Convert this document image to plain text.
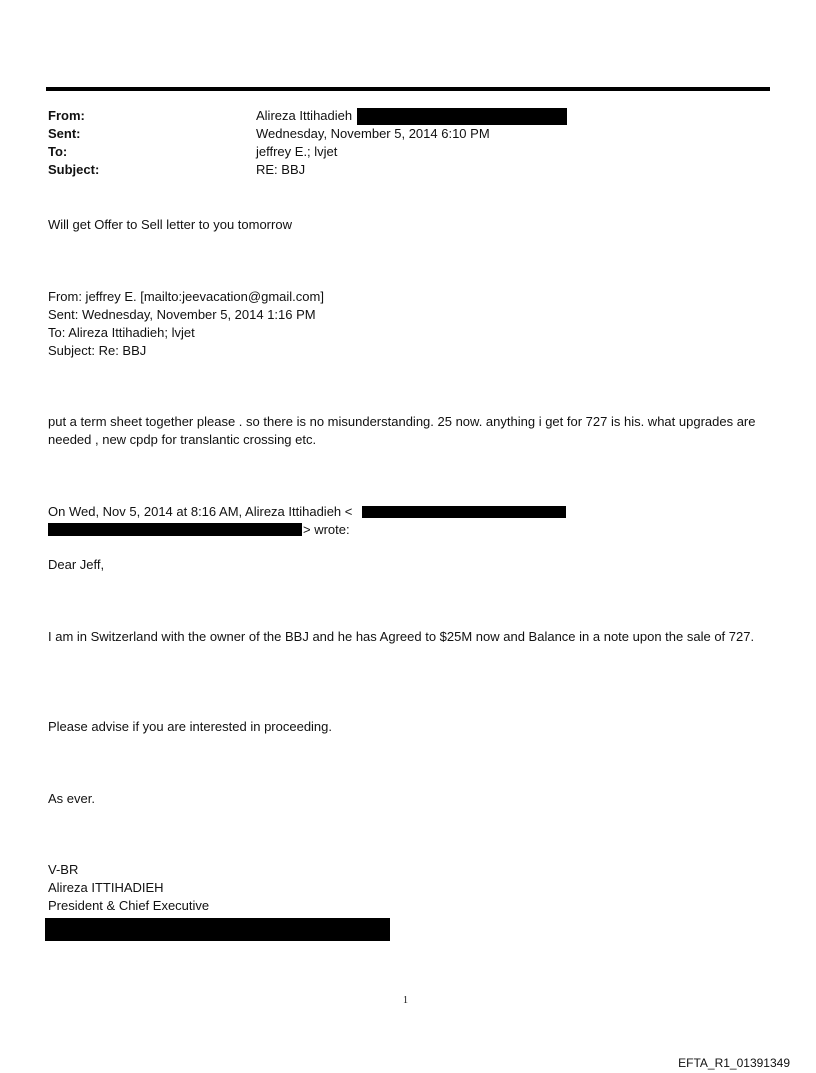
From:	Alireza Ittihadieh
Sent:	Wednesday, November 5, 2014 6:10 PM
To:	jeffrey E.; lvjet
Subject:	RE: BBJ
Will get Offer to Sell letter to you tomorrow
From: jeffrey E. [mailto:jeevacation@gmail.com]
Sent: Wednesday, November 5, 2014 1:16 PM
To: Alireza Ittihadieh; lvjet
Subject: Re: BBJ
put a term sheet together please . so there is no misunderstanding. 25 now. anything i get for 727 is his. what upgrades are needed , new cpdp for translantic crossing etc.
On Wed, Nov 5, 2014 at 8:16 AM, Alireza Ittihadieh <
> wrote:
Dear Jeff,
I am in Switzerland with the owner of the BBJ and he has Agreed to $25M now and Balance in a note upon the sale of 727.
Please advise if you are interested in proceeding.
As ever.
V-BR
Alireza ITTIHADIEH
President & Chief Executive
1
EFTA_R1_01391349
